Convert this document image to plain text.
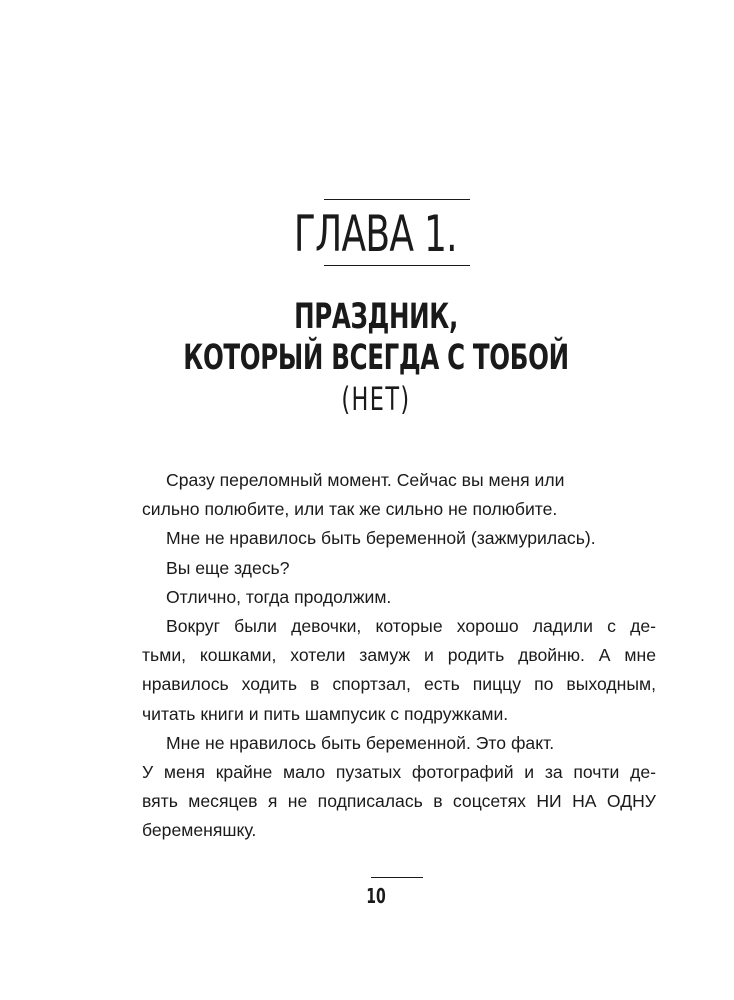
ГЛАВА 1.
ПРАЗДНИК,
КОТОРЫЙ ВСЕГДА С ТОБОЙ
(НЕТ)
Сразу переломный момент. Сейчас вы меня или
сильно полюбите, или так же сильно не полюбите.
Мне не нравилось быть беременной (зажмурилась).
Вы еще здесь?
Отлично, тогда продолжим.
Вокруг были девочки, которые хорошо ладили с де-
тьми, кошками, хотели замуж и родить двойню. А мне
нравилось ходить в спортзал, есть пиццу по выходным,
читать книги и пить шампусик с подружками.
Мне не нравилось быть беременной. Это факт.
У меня крайне мало пузатых фотографий и за почти де-
вять месяцев я не подписалась в соцсетях НИ НА ОДНУ
беременяшку.
10
